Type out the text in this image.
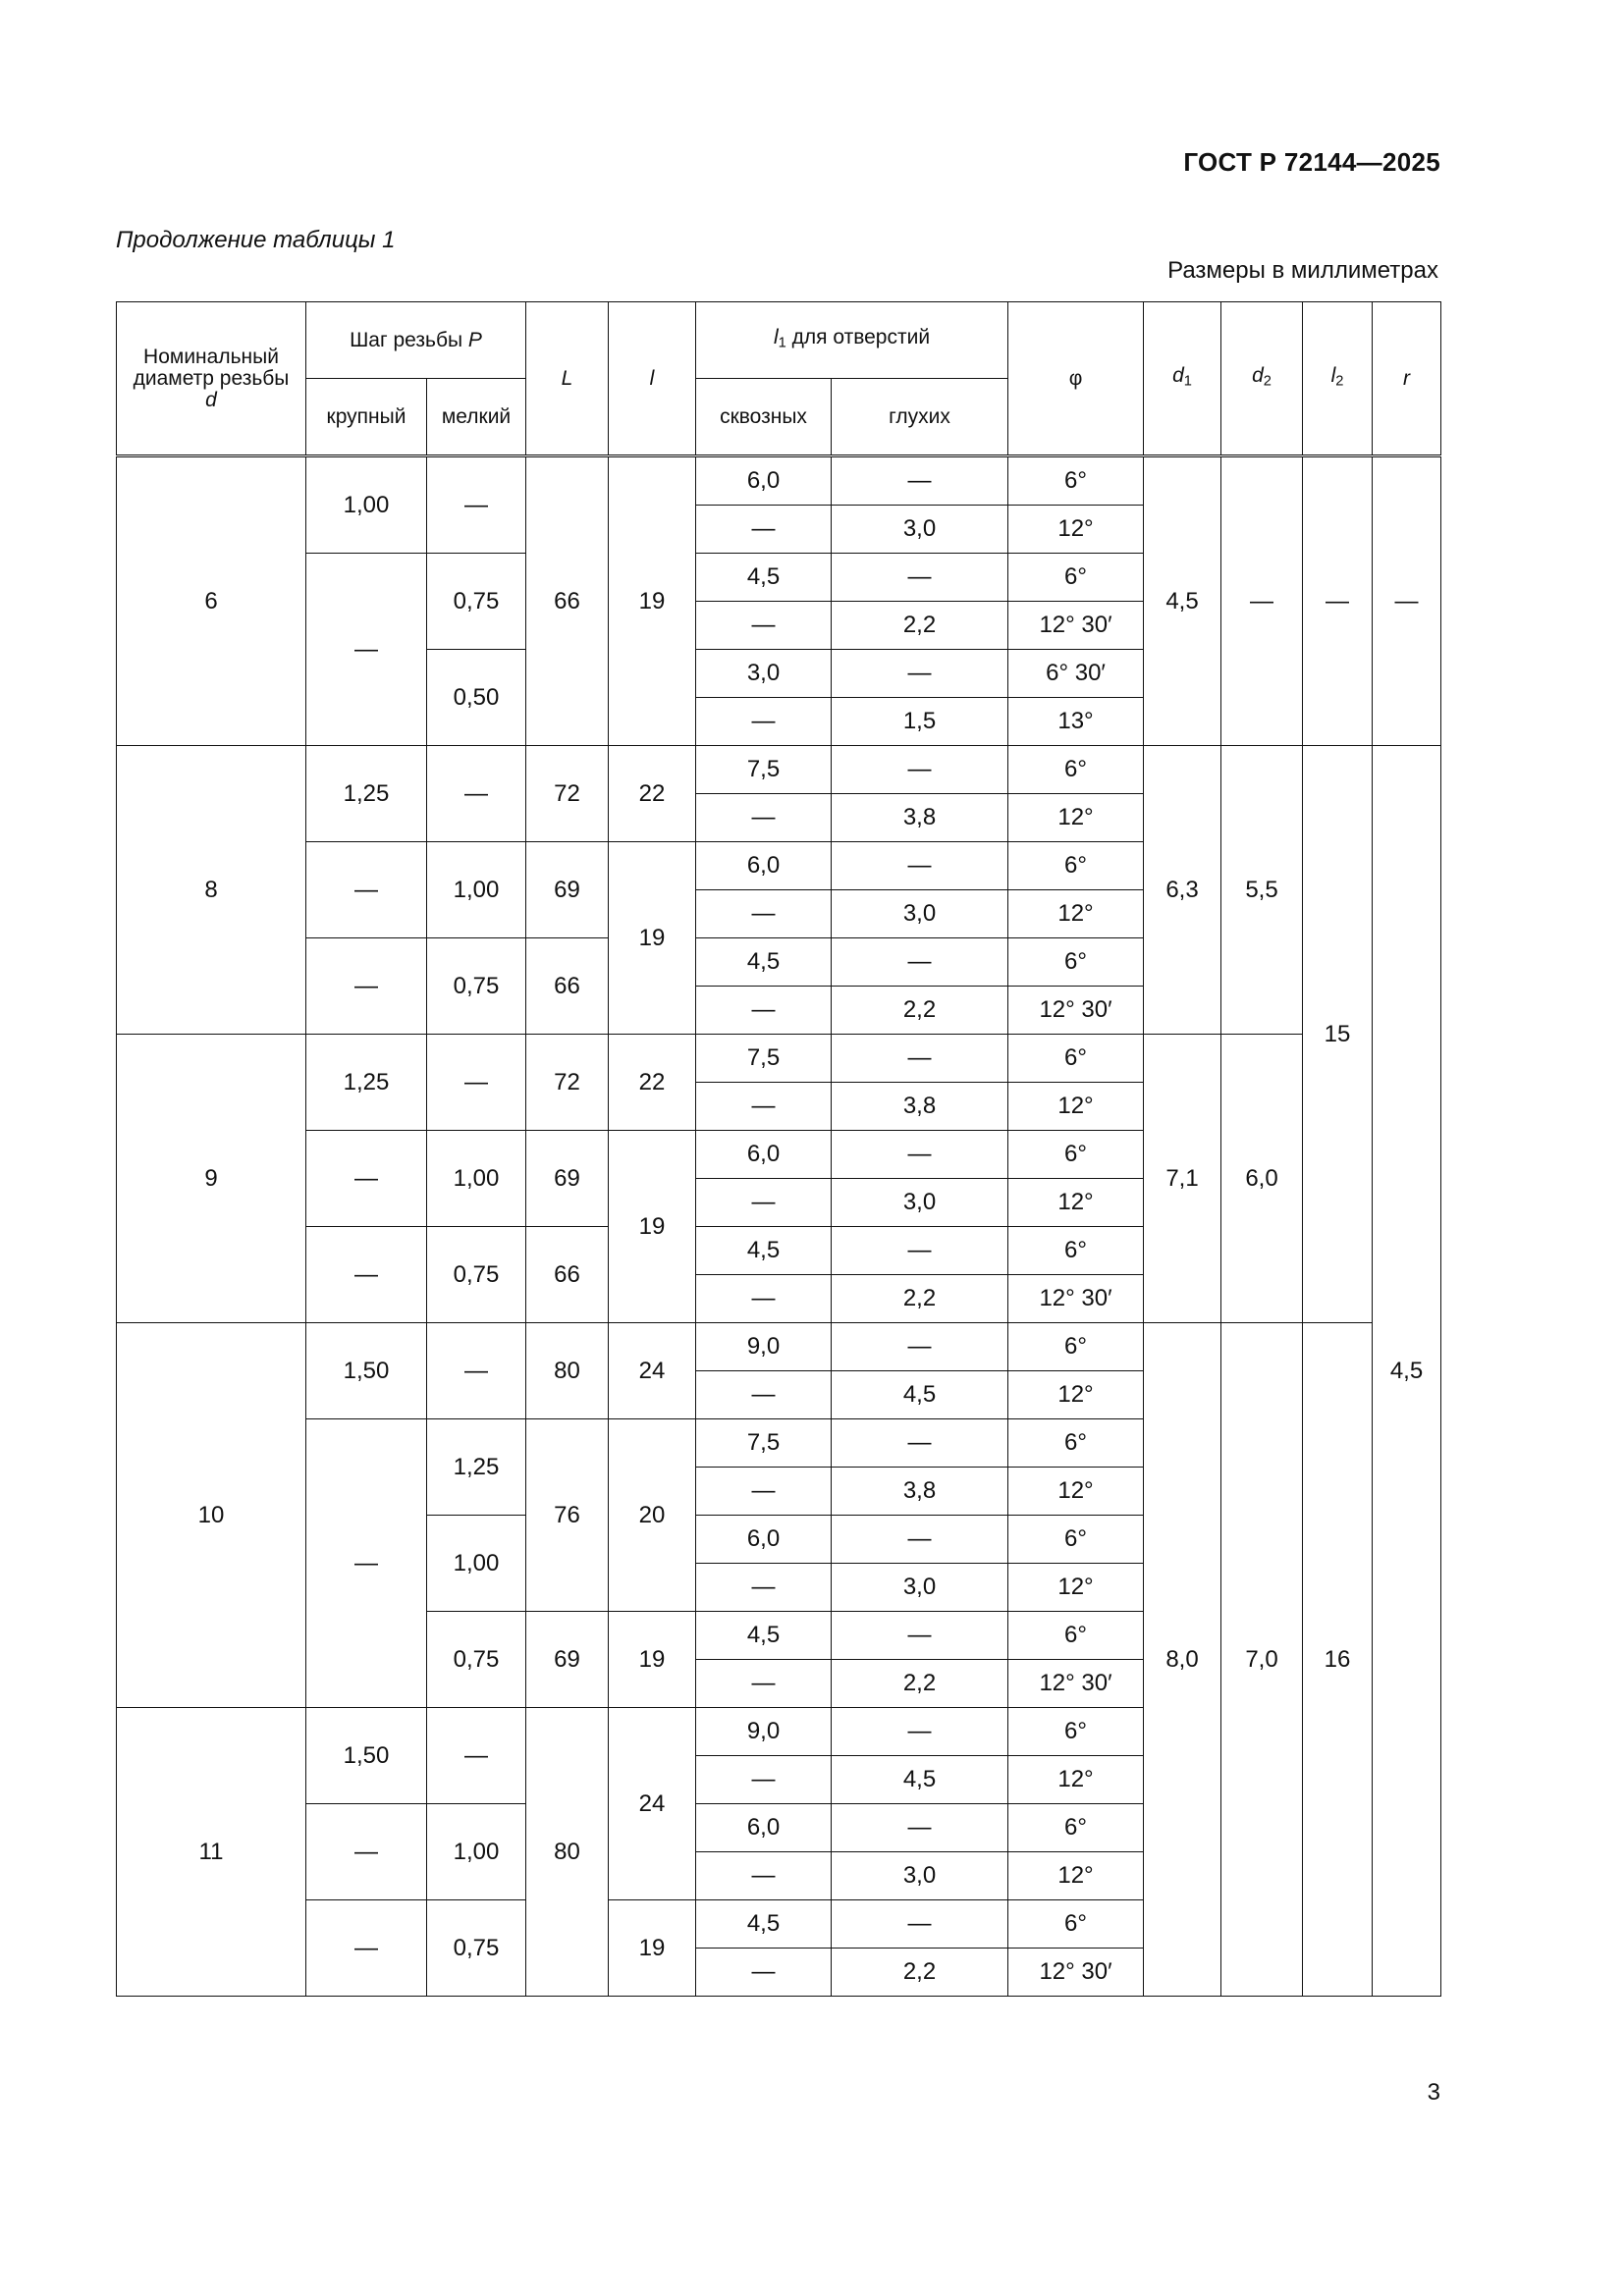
ГОСТ Р 72144—2025
Продолжение таблицы 1
Размеры в миллиметрах
Номинальный
диаметр резьбы
d	Шаг резьбы P		L	l	$l_1$ для отверстий		φ	$d_1$	$d_2$	$l_2$	r
	крупный	мелкий			сквозных	глухих					
6	1,00	—	66	19	6,0	—	6°	4,5	—	—	—
					—	3,0	12°				
	—	0,75			4,5	—	6°				
					—	2,2	12° 30′				
		0,50			3,0	—	6° 30′				
					—	1,5	13°				
8	1,25	—	72	22	7,5	—	6°	6,3	5,5	15	4,5
					—	3,8	12°				
	—	1,00	69	19	6,0	—	6°				
					—	3,0	12°				
	—	0,75	66		4,5	—	6°				
					—	2,2	12° 30′				
9	1,25	—	72	22	7,5	—	6°	7,1	6,0		
					—	3,8	12°				
	—	1,00	69	19	6,0	—	6°				
					—	3,0	12°				
	—	0,75	66		4,5	—	6°				
					—	2,2	12° 30′				
10	1,50	—	80	24	9,0	—	6°	8,0	7,0	16	
					—	4,5	12°				
	—	1,25	76	20	7,5	—	6°				
					—	3,8	12°				
		1,00			6,0	—	6°				
					—	3,0	12°				
		0,75	69	19	4,5	—	6°				
					—	2,2	12° 30′				
11	1,50	—	80	24	9,0	—	6°				
					—	4,5	12°				
	—	1,00			6,0	—	6°				
					—	3,0	12°				
	—	0,75		19	4,5	—	6°				
					—	2,2	12° 30′				
3
